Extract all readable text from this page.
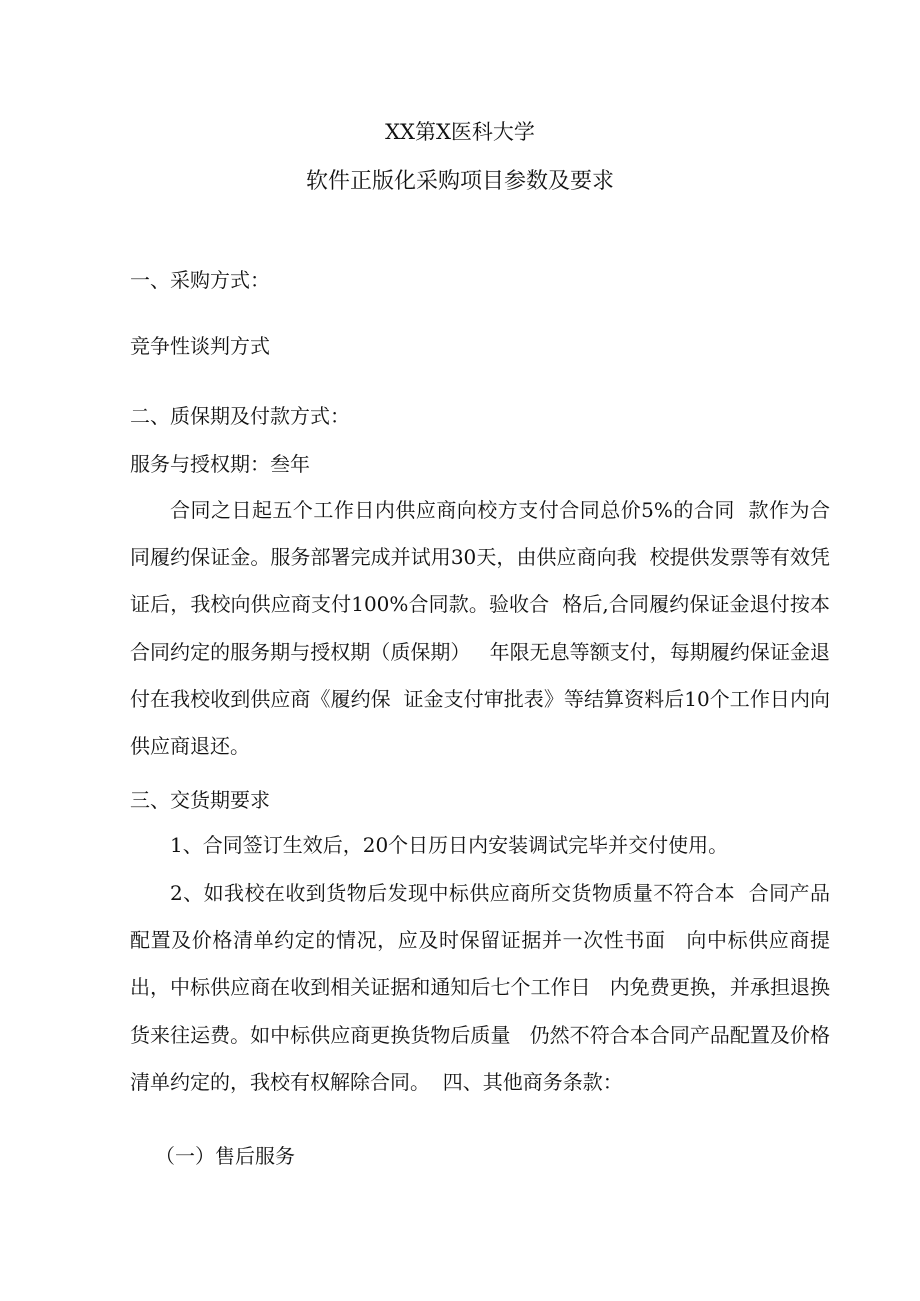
XX第X医科大学
软件正版化采购项目参数及要求
一、采购方式：
竞争性谈判方式
二、质保期及付款方式：
服务与授权期：叁年
合同之日起五个工作日内供应商向校方支付合同总价5%的合同  款作为合同履约保证金。服务部署完成并试用30天，由供应商向我  校提供发票等有效凭证后，我校向供应商支付100%合同款。验收合  格后,合同履约保证金退付按本合同约定的服务期与授权期（质保期）   年限无息等额支付，每期履约保证金退付在我校收到供应商《履约保  证金支付审批表》等结算资料后10个工作日内向供应商退还。
三、交货期要求
1、合同签订生效后，20个日历日内安装调试完毕并交付使用。
2、如我校在收到货物后发现中标供应商所交货物质量不符合本  合同产品配置及价格清单约定的情况，应及时保留证据并一次性书面   向中标供应商提出，中标供应商在收到相关证据和通知后七个工作日   内免费更换，并承担退换货来往运费。如中标供应商更换货物后质量   仍然不符合本合同产品配置及价格清单约定的，我校有权解除合同。  四、其他商务条款：
（一）售后服务
